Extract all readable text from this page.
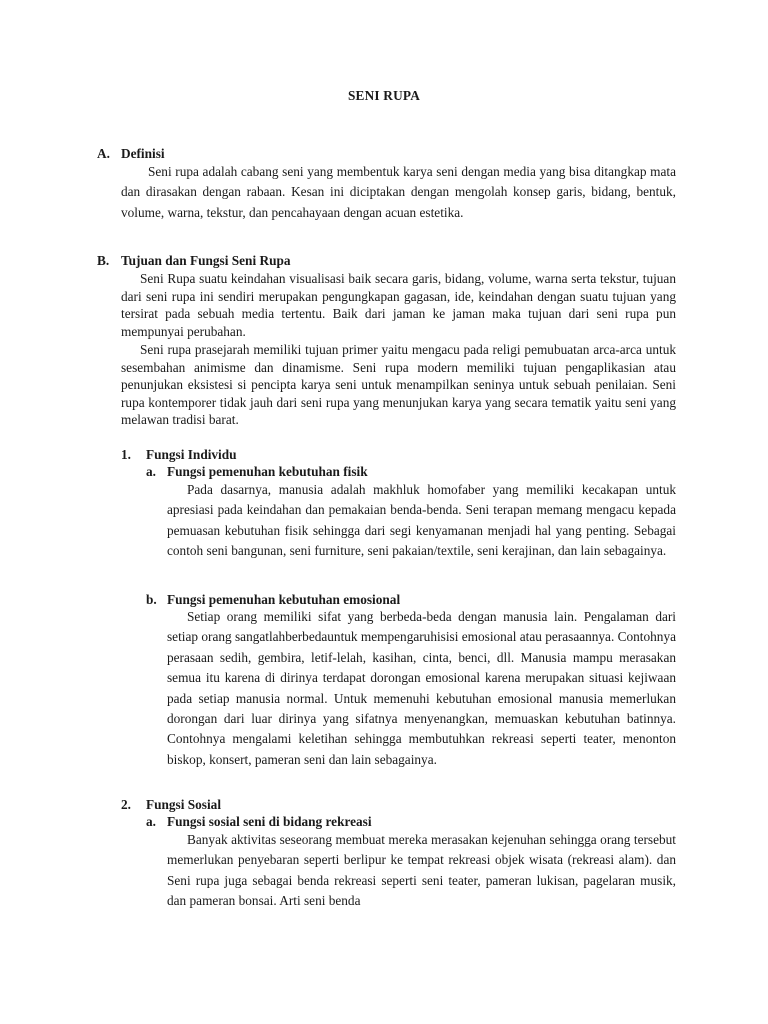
SENI RUPA
A. Definisi

Seni rupa adalah cabang seni yang membentuk karya seni dengan media yang bisa ditangkap mata dan dirasakan dengan rabaan. Kesan ini diciptakan dengan mengolah konsep garis, bidang, bentuk, volume, warna, tekstur, dan pencahayaan dengan acuan estetika.

B. Tujuan dan Fungsi Seni Rupa

Seni Rupa suatu keindahan visualisasi baik secara garis, bidang, volume, warna serta tekstur, tujuan dari seni rupa ini sendiri merupakan pengungkapan gagasan, ide, keindahan dengan suatu tujuan yang tersirat pada sebuah media tertentu. Baik dari jaman ke jaman maka tujuan dari seni rupa pun mempunyai perubahan.

Seni rupa prasejarah memiliki tujuan primer yaitu mengacu pada religi pemubuatan arca-arca untuk sesembahan animisme dan dinamisme. Seni rupa modern memiliki tujuan pengaplikasian atau penunjukan eksistesi si pencipta karya seni untuk menampilkan seninya untuk sebuah penilaian. Seni rupa kontemporer tidak jauh dari seni rupa yang menunjukan karya yang secara tematik yaitu seni yang melawan tradisi barat.

1. Fungsi Individu
a. Fungsi pemenuhan kebutuhan fisik

Pada dasarnya, manusia adalah makhluk homofaber yang memiliki kecakapan untuk apresiasi pada keindahan dan pemakaian benda-benda. Seni terapan memang mengacu kepada pemuasan kebutuhan fisik sehingga dari segi kenyamanan menjadi hal yang penting. Sebagai contoh seni bangunan, seni furniture, seni pakaian/textile, seni kerajinan, dan lain sebagainya.

b. Fungsi pemenuhan kebutuhan emosional

Setiap orang memiliki sifat yang berbeda-beda dengan manusia lain. Pengalaman dari setiap orang sangatlahberbedauntuk mempengaruhisisi emosional atau perasaannya. Contohnya perasaan sedih, gembira, letif-lelah, kasihan, cinta, benci, dll. Manusia mampu merasakan semua itu karena di dirinya terdapat dorongan emosional karena merupakan situasi kejiwaan pada setiap manusia normal. Untuk memenuhi kebutuhan emosional manusia memerlukan dorongan dari luar dirinya yang sifatnya menyenangkan, memuaskan kebutuhan batinnya. Contohnya mengalami keletihan sehingga membutuhkan rekreasi seperti teater, menonton biskop, konsert, pameran seni dan lain sebagainya.

2. Fungsi Sosial
a. Fungsi sosial seni di bidang rekreasi

Banyak aktivitas seseorang membuat mereka merasakan kejenuhan sehingga orang tersebut memerlukan penyebaran seperti berlipur ke tempat rekreasi objek wisata (rekreasi alam). dan Seni rupa juga sebagai benda rekreasi seperti seni teater, pameran lukisan, pagelaran musik, dan pameran bonsai. Arti seni benda
